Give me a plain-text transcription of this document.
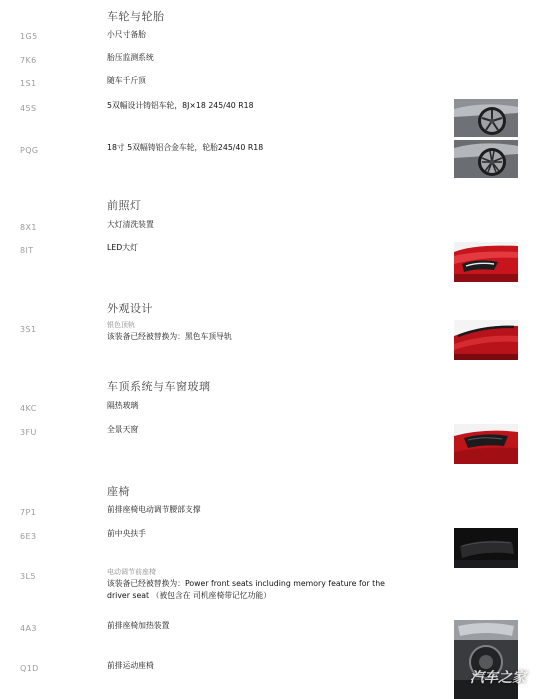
车轮与轮胎
前照灯
外观设计
车顶系统与车窗玻璃
座椅
1G5	小尺寸备胎
7K6	胎压监测系统
1S1	随车千斤顶
45S	5双幅设计铸铝车轮，8J×18 245/40 R18
PQG	18寸 5双幅铸铝合金车轮，轮胎245/40 R18
8X1	大灯清洗装置
8IT	LED大灯
3S1	银色顶轨
该装备已经被替换为：黑色车顶导轨
4KC	隔热玻璃
3FU	全景天窗
7P1	前排座椅电动调节腰部支撑
6E3	前中央扶手
3L5	电动调节前座椅
该装备已经被替换为：Power front seats including memory feature for the
driver seat （被包含在 司机座椅带记忆功能）
4A3	前排座椅加热装置
Q1D	前排运动座椅
汽车之家
